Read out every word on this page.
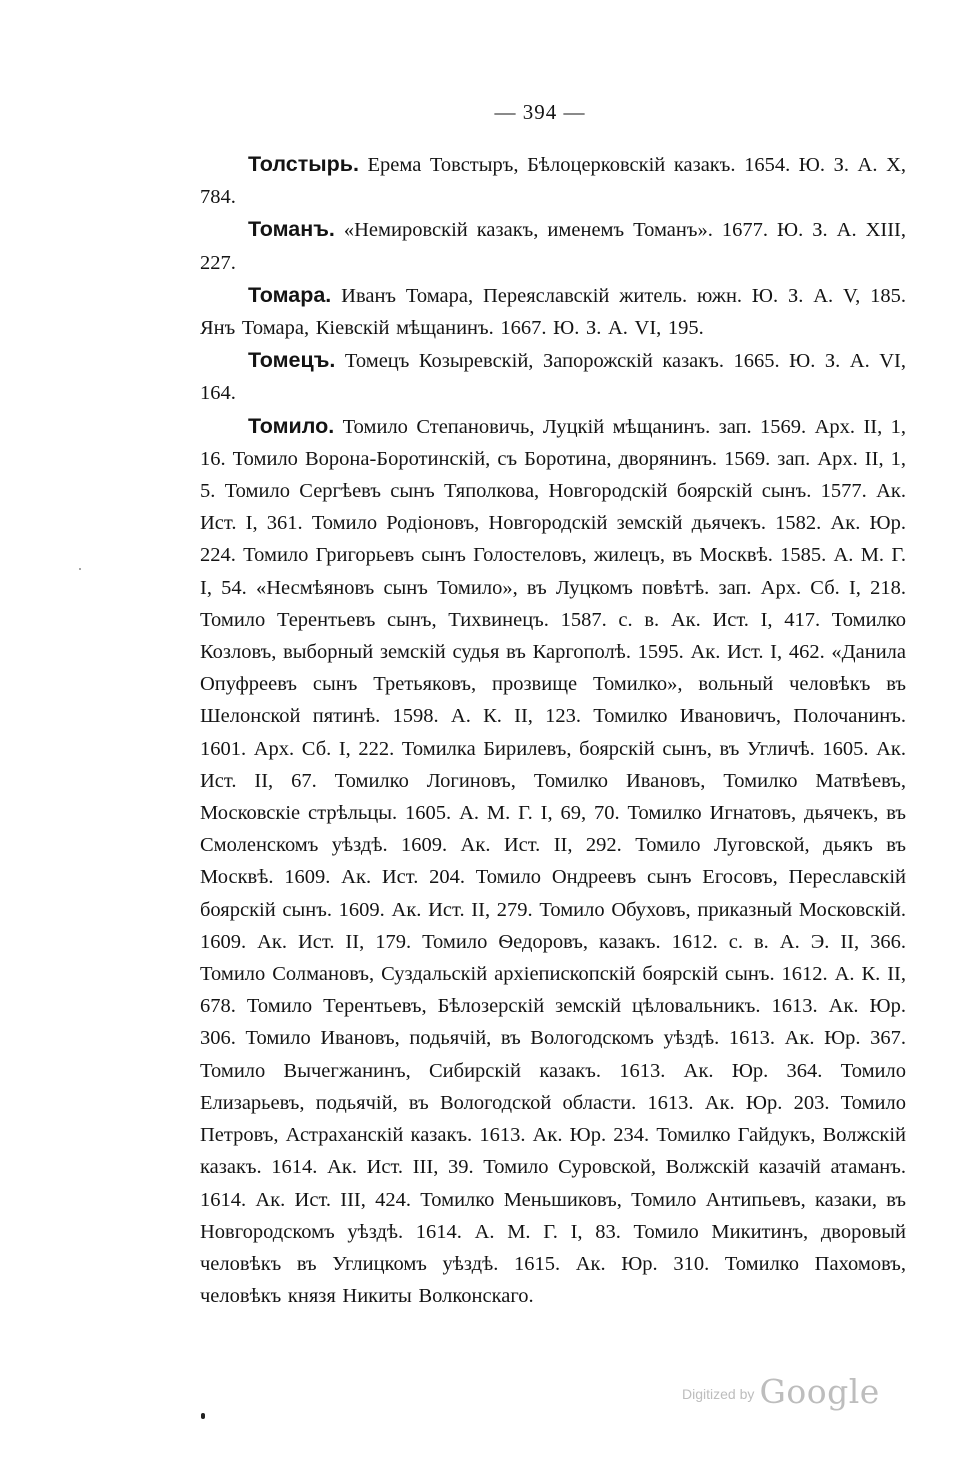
— 394 —

Толстырь. Ерема Товстыръ, Бѣлоцерковскій казакъ. 1654. Ю. З. А. X, 784.

Томанъ. «Немировскій казакъ, именемъ Томанъ». 1677. Ю. З. А. XIII, 227.

Томара. Иванъ Томара, Переяславскій житель. южн. Ю. З. А. V, 185. Янъ Томара, Кіевскій мѣщанинъ. 1667. Ю. З. А. VI, 195.

Томецъ. Томецъ Козыревскій, Запорожскій казакъ. 1665. Ю. З. А. VI, 164.

Томило. Томило Степановичь, Луцкій мѣщанинъ. зап. 1569. Арх. II, 1, 16. Томило Ворона-Боротинскій, съ Боротина, дворянинъ. 1569. зап. Арх. II, 1, 5. Томило Сергѣевъ сынъ Тяполкова, Новгородскій боярскій сынъ. 1577. Ак. Ист. I, 361. Томило Родіоновъ, Новгородскій земскій дьячекъ. 1582. Ак. Юр. 224. Томило Григорьевъ сынъ Голостеловъ, жилецъ, въ Москвѣ. 1585. А. М. Г. I, 54. «Несмѣяновъ сынъ Томило», въ Луцкомъ повѣтѣ. зап. Арх. Сб. I, 218. Томило Терентьевъ сынъ, Тихвинецъ. 1587. с. в. Ак. Ист. I, 417. Томилко Козловъ, выборный земскій судья въ Каргополѣ. 1595. Ак. Ист. I, 462. «Данила Опуфреевъ сынъ Третьяковъ, прозвище Томилко», вольный человѣкъ въ Шелонской пятинѣ. 1598. А. К. II, 123. Томилко Ивановичъ, Полочанинъ. 1601. Арх. Сб. I, 222. Томилка Бирилевъ, боярскій сынъ, въ Угличѣ. 1605. Ак. Ист. II, 67. Томилко Логиновъ, Томилко Ивановъ, Томилко Матвѣевъ, Московскіе стрѣльцы. 1605. А. М. Г. I, 69, 70. Томилко Игнатовъ, дьячекъ, въ Смоленскомъ уѣздѣ. 1609. Ак. Ист. II, 292. Томило Луговской, дьякъ въ Москвѣ. 1609. Ак. Ист. 204. Томило Ондреевъ сынъ Егосовъ, Переславскій боярскій сынъ. 1609. Ак. Ист. II, 279. Томило Обуховъ, приказный Московскій. 1609. Ак. Ист. II, 179. Томило Ѳедоровъ, казакъ. 1612. с. в. А. Э. II, 366. Томило Солмановъ, Суздальскій архіепископскій боярскій сынъ. 1612. А. К. II, 678. Томило Терентьевъ, Бѣлозерскій земскій цѣловальникъ. 1613. Ак. Юр. 306. Томило Ивановъ, подьячій, въ Вологодскомъ уѣздѣ. 1613. Ак. Юр. 367. Томило Вычегжанинъ, Сибирскій казакъ. 1613. Ак. Юр. 364. Томило Елизарьевъ, подьячій, въ Вологодской области. 1613. Ак. Юр. 203. Томило Петровъ, Астраханскій казакъ. 1613. Ак. Юр. 234. Томилко Гайдукъ, Волжскій казакъ. 1614. Ак. Ист. III, 39. Томило Суровской, Волжскій казачій атаманъ. 1614. Ак. Ист. III, 424. Томилко Меньшиковъ, Томило Антипьевъ, казаки, въ Новгородскомъ уѣздѣ. 1614. А. М. Г. I, 83. Томило Микитинъ, дворовый человѣкъ въ Углицкомъ уѣздѣ. 1615. Ак. Юр. 310. Томилко Пахомовъ, человѣкъ князя Никиты Волконскаго.

Digitized by Google
